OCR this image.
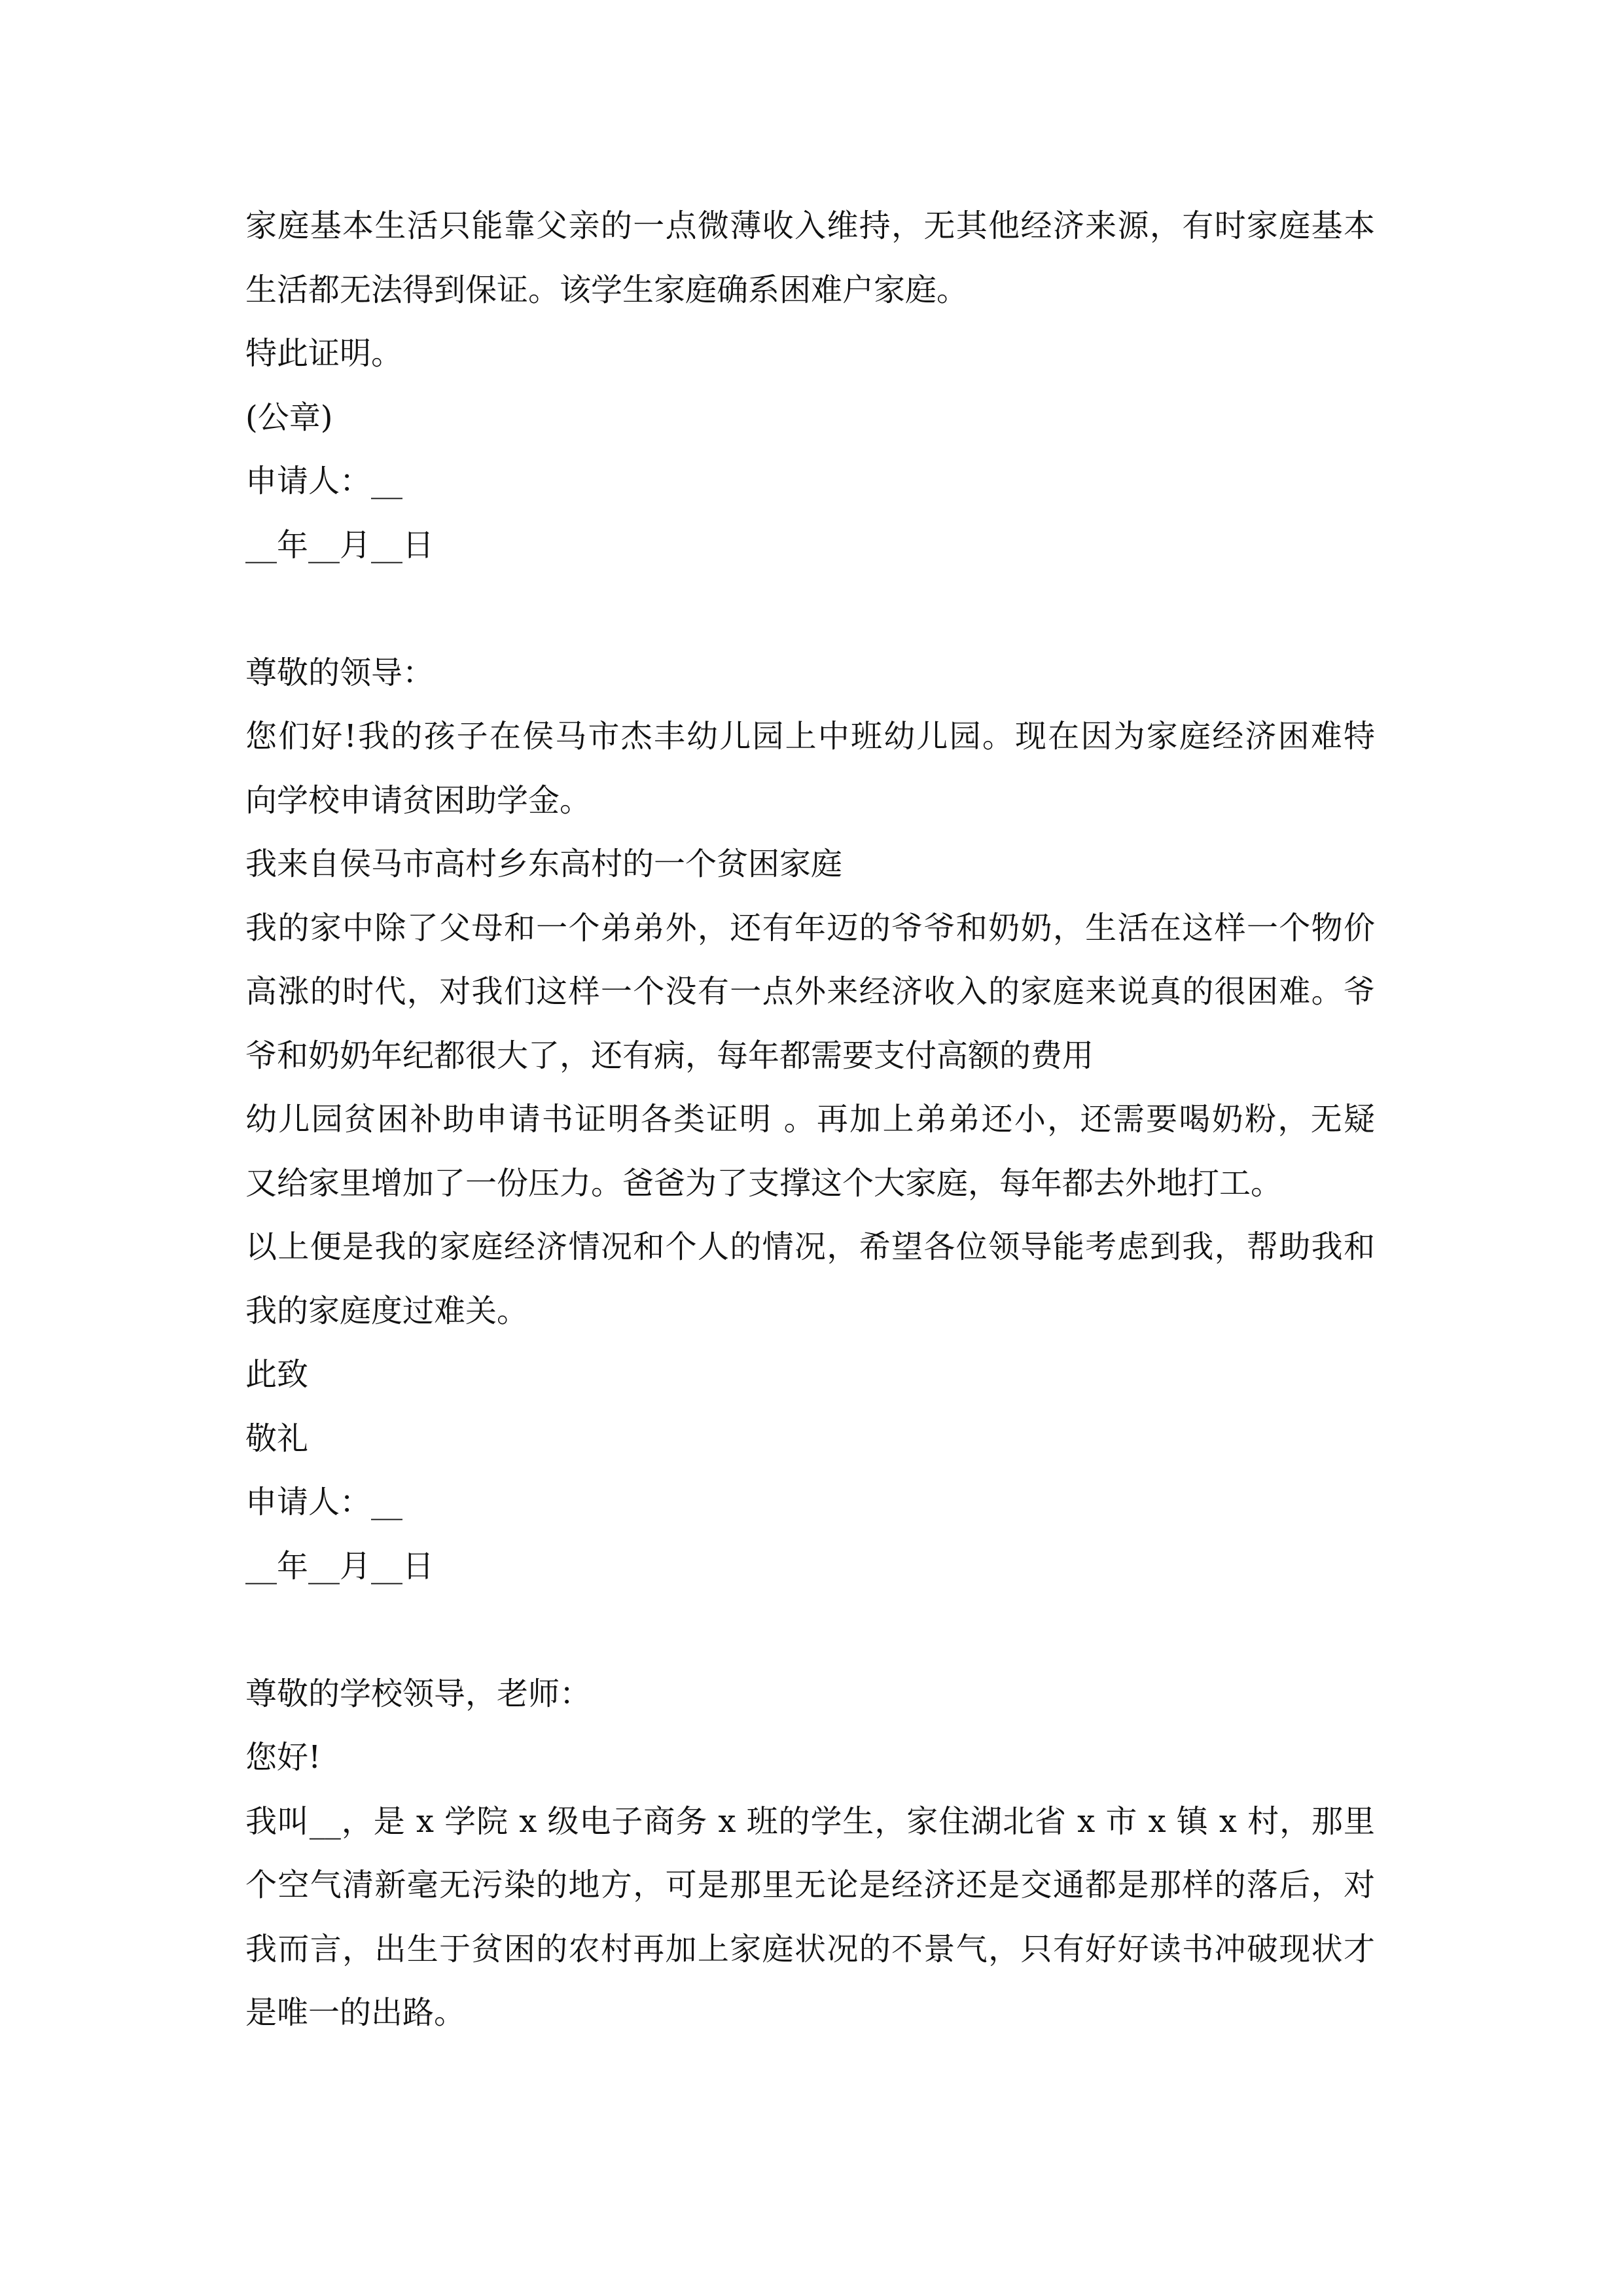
家庭基本生活只能靠父亲的一点微薄收入维持，无其他经济来源，有时家庭基本
生活都无法得到保证。该学生家庭确系困难户家庭。
特此证明。
(公章)
申请人：__
__年__月__日
尊敬的领导：
您们好!我的孩子在侯马市杰丰幼儿园上中班幼儿园。现在因为家庭经济困难特
向学校申请贫困助学金。
我来自侯马市高村乡东高村的一个贫困家庭
我的家中除了父母和一个弟弟外，还有年迈的爷爷和奶奶，生活在这样一个物价
高涨的时代，对我们这样一个没有一点外来经济收入的家庭来说真的很困难。爷
爷和奶奶年纪都很大了，还有病，每年都需要支付高额的费用
幼儿园贫困补助申请书证明各类证明 。再加上弟弟还小，还需要喝奶粉，无疑
又给家里增加了一份压力。爸爸为了支撑这个大家庭，每年都去外地打工。
以上便是我的家庭经济情况和个人的情况，希望各位领导能考虑到我，帮助我和
我的家庭度过难关。
此致
敬礼
申请人：__
__年__月__日
尊敬的学校领导，老师：
您好!
我叫__，是 x 学院 x 级电子商务 x 班的学生，家住湖北省 x 市 x 镇 x 村，那里
个空气清新毫无污染的地方，可是那里无论是经济还是交通都是那样的落后，对
我而言，出生于贫困的农村再加上家庭状况的不景气，只有好好读书冲破现状才
是唯一的出路。
